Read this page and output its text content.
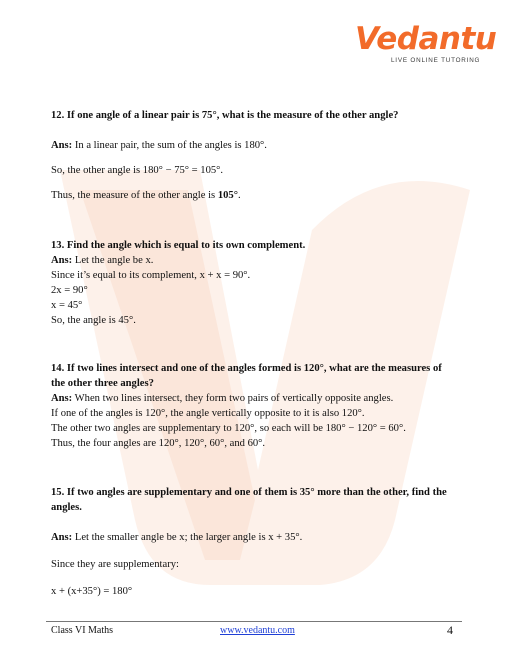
Vedantu
LIVE ONLINE TUTORING

12. If one angle of a linear pair is 75°, what is the measure of the other angle?

Ans: In a linear pair, the sum of the angles is 180°.

So, the other angle is 180° − 75° = 105°.

Thus, the measure of the other angle is 105°.

13. Find the angle which is equal to its own complement.

Ans: Let the angle be x.

Since it’s equal to its complement, x + x = 90°.

2x = 90°

x = 45°

So, the angle is 45°.

14. If two lines intersect and one of the angles formed is 120°, what are the measures of
the other three angles?

Ans: When two lines intersect, they form two pairs of vertically opposite angles.

If one of the angles is 120°, the angle vertically opposite to it is also 120°.

The other two angles are supplementary to 120°, so each will be 180° − 120° = 60°.

Thus, the four angles are 120°, 120°, 60°, and 60°.

15. If two angles are supplementary and one of them is 35° more than the other, find the
angles.

Ans: Let the smaller angle be x; the larger angle is x + 35°.

Since they are supplementary:

x + (x+35°) = 180°

Class VI Maths	www.vedantu.com	4
